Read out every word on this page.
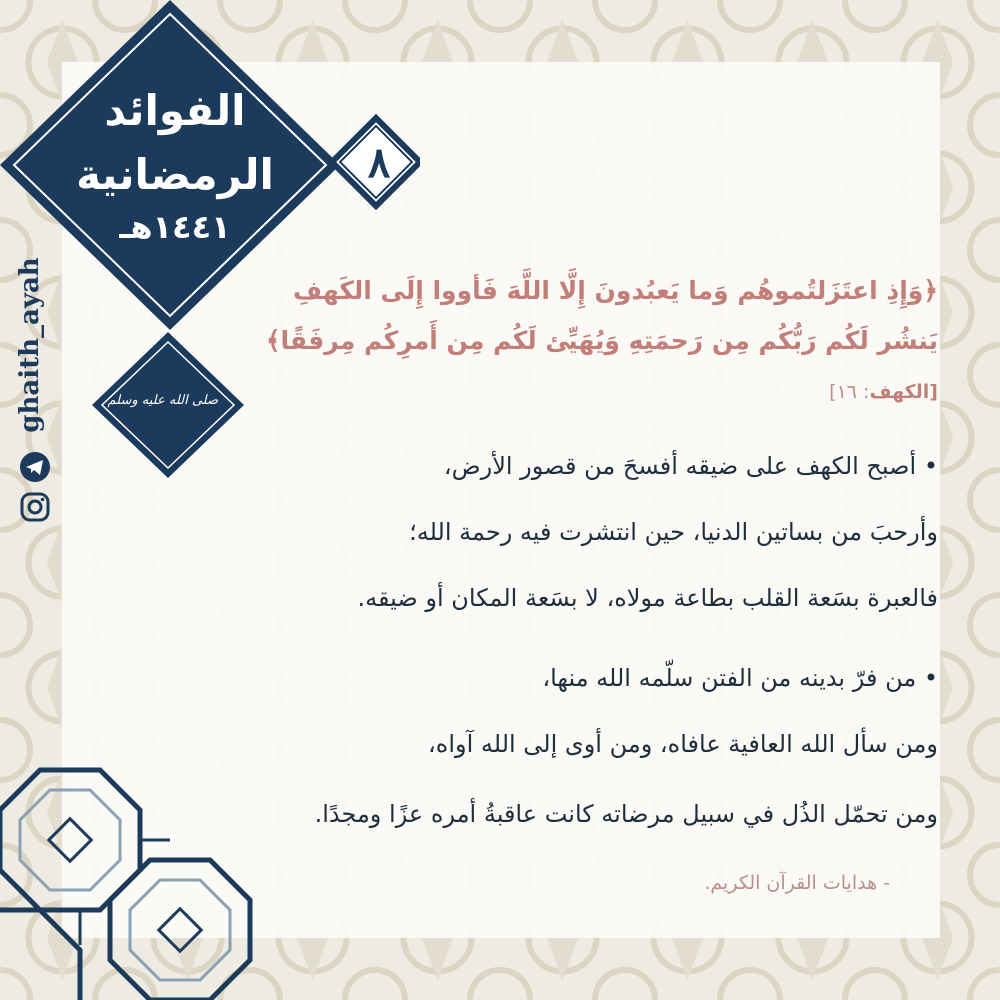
الفوائد
الرمضانية
١٤٤١هـ
٨
صلى الله عليه وسلم
ghaith_ayah	﴿وَإِذِ اعتَزَلتُموهُم وَما يَعبُدونَ إِلَّا اللَّهَ فَأووا إِلَى الكَهفِ
يَنشُر لَكُم رَبُّكُم مِن رَحمَتِهِ وَيُهَيِّئ لَكُم مِن أَمرِكُم مِرفَقًا﴾
[الكهف: ١٦]
• أصبح الكهف على ضيقه أفسحَ من قصور الأرض،
وأرحبَ من بساتين الدنيا، حين انتشرت فيه رحمة الله؛
فالعبرة بسَعة القلب بطاعة مولاه، لا بسَعة المكان أو ضيقه.
• من فرّ بدينه من الفتن سلّمه الله منها،
ومن سأل الله العافية عافاه، ومن أوى إلى الله آواه،
ومن تحمّل الذُل في سبيل مرضاته كانت عاقبةُ أمره عزًا ومجدًا.
- هدايات القرآن الكريم.
